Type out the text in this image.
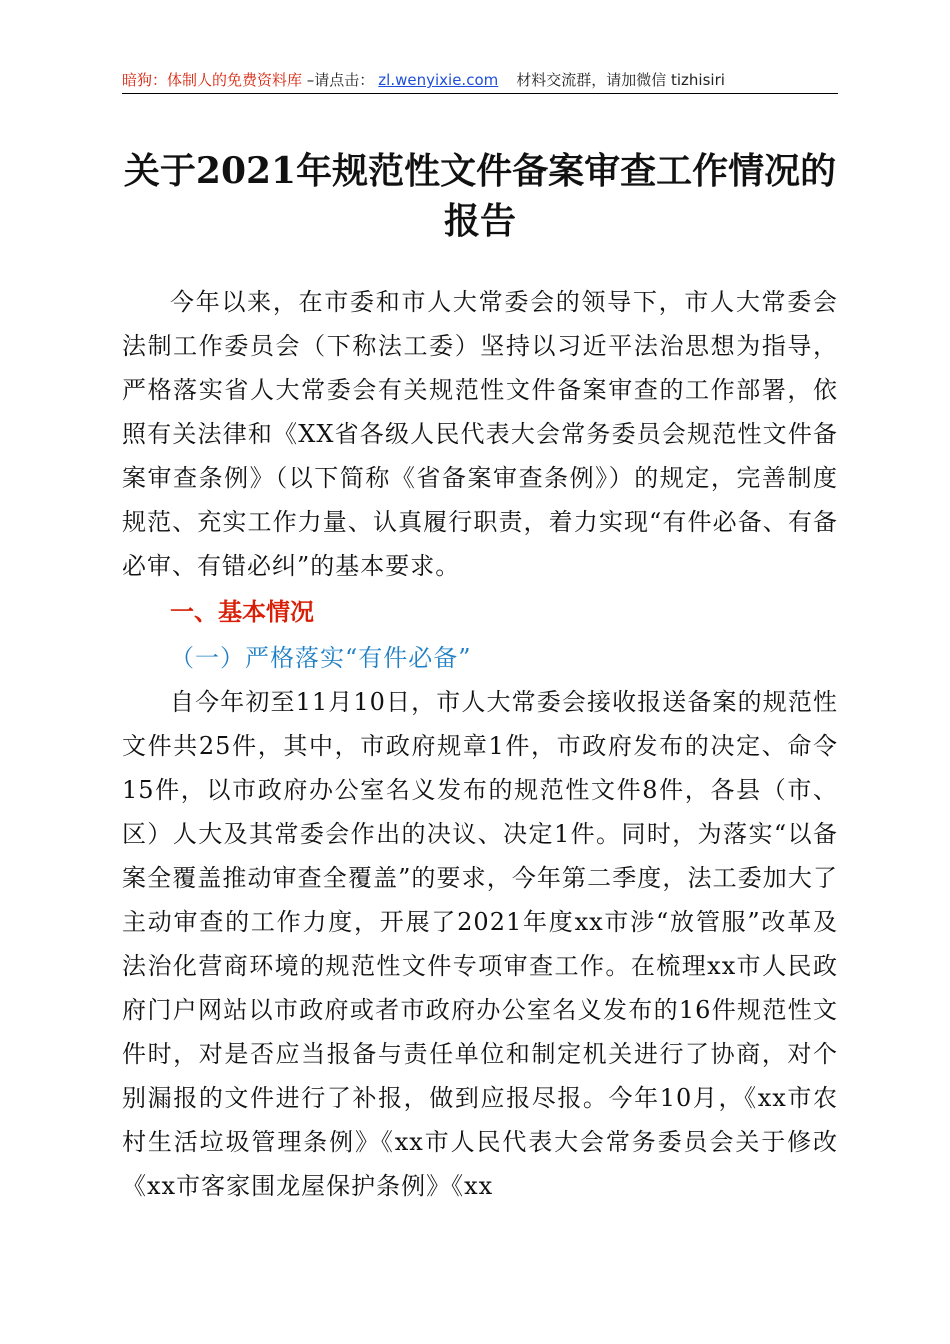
暗狗：体制人的免费资料库 –请点击： zl.wenyixie.com 材料交流群，请加微信 tizhisiri
关于2021年规范性文件备案审查工作情况的报告

今年以来，在市委和市人大常委会的领导下，市人大常委会法制工作委员会（下称法工委）坚持以习近平法治思想为指导，严格落实省人大常委会有关规范性文件备案审查的工作部署，依照有关法律和《XX省各级人民代表大会常务委员会规范性文件备案审查条例》（以下简称《省备案审查条例》）的规定，完善制度规范、充实工作力量、认真履行职责，着力实现“有件必备、有备必审、有错必纠”的基本要求。

一、基本情况
（一）严格落实“有件必备”

自今年初至11月10日，市人大常委会接收报送备案的规范性文件共25件，其中，市政府规章1件，市政府发布的决定、命令15件，以市政府办公室名义发布的规范性文件8件，各县（市、区）人大及其常委会作出的决议、决定1件。同时，为落实“以备案全覆盖推动审查全覆盖”的要求，今年第二季度，法工委加大了主动审查的工作力度，开展了2021年度xx市涉“放管服”改革及法治化营商环境的规范性文件专项审查工作。在梳理xx市人民政府门户网站以市政府或者市政府办公室名义发布的16件规范性文件时，对是否应当报备与责任单位和制定机关进行了协商，对个别漏报的文件进行了补报，做到应报尽报。今年10月，《xx市农村生活垃圾管理条例》《xx市人民代表大会常务委员会关于修改《xx市客家围龙屋保护条例》《xx
